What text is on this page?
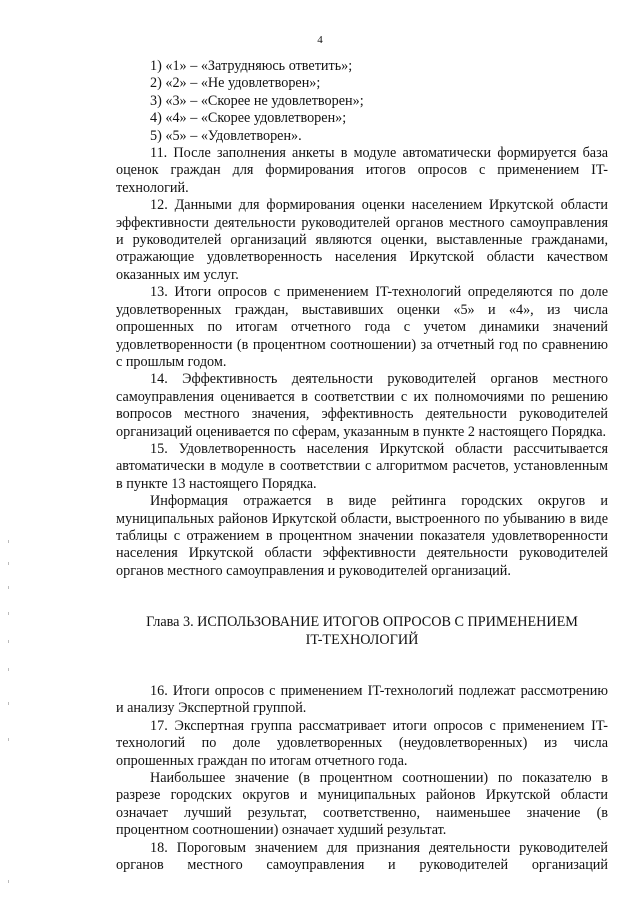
4

1) «1» – «Затрудняюсь ответить»;

2) «2» – «Не удовлетворен»;

3) «3» – «Скорее не удовлетворен»;

4) «4» – «Скорее удовлетворен»;

5) «5» – «Удовлетворен».

11. После заполнения анкеты в модуле автоматически формируется база оценок граждан для формирования итогов опросов с применением IT-технологий.

12. Данными для формирования оценки населением Иркутской области эффективности деятельности руководителей органов местного самоуправления и руководителей организаций являются оценки, выставленные гражданами, отражающие удовлетворенность населения Иркутской области качеством оказанных им услуг.

13. Итоги опросов с применением IT-технологий определяются по доле удовлетворенных граждан, выставивших оценки «5» и «4», из числа опрошенных по итогам отчетного года с учетом динамики значений удовлетворенности (в процентном соотношении) за отчетный год по сравнению с прошлым годом.

14. Эффективность деятельности руководителей органов местного самоуправления оценивается в соответствии с их полномочиями по решению вопросов местного значения, эффективность деятельности руководителей организаций оценивается по сферам, указанным в пункте 2 настоящего Порядка.

15. Удовлетворенность населения Иркутской области рассчитывается автоматически в модуле в соответствии с алгоритмом расчетов, установленным в пункте 13 настоящего Порядка.

Информация отражается в виде рейтинга городских округов и муниципальных районов Иркутской области, выстроенного по убыванию в виде таблицы с отражением в процентном значении показателя удовлетворенности населения Иркутской области эффективности деятельности руководителей органов местного самоуправления и руководителей организаций.

Глава 3. ИСПОЛЬЗОВАНИЕ ИТОГОВ ОПРОСОВ С ПРИМЕНЕНИЕМ
IT-ТЕХНОЛОГИЙ

16. Итоги опросов с применением IT-технологий подлежат рассмотрению и анализу Экспертной группой.

17. Экспертная группа рассматривает итоги опросов с применением IT-технологий по доле удовлетворенных (неудовлетворенных) из числа опрошенных граждан по итогам отчетного года.

Наибольшее значение (в процентном соотношении) по показателю в разрезе городских округов и муниципальных районов Иркутской области означает лучший результат, соответственно, наименьшее значение (в процентном соотношении) означает худший результат.

18. Пороговым значением для признания деятельности руководителей органов местного самоуправления и руководителей организаций
